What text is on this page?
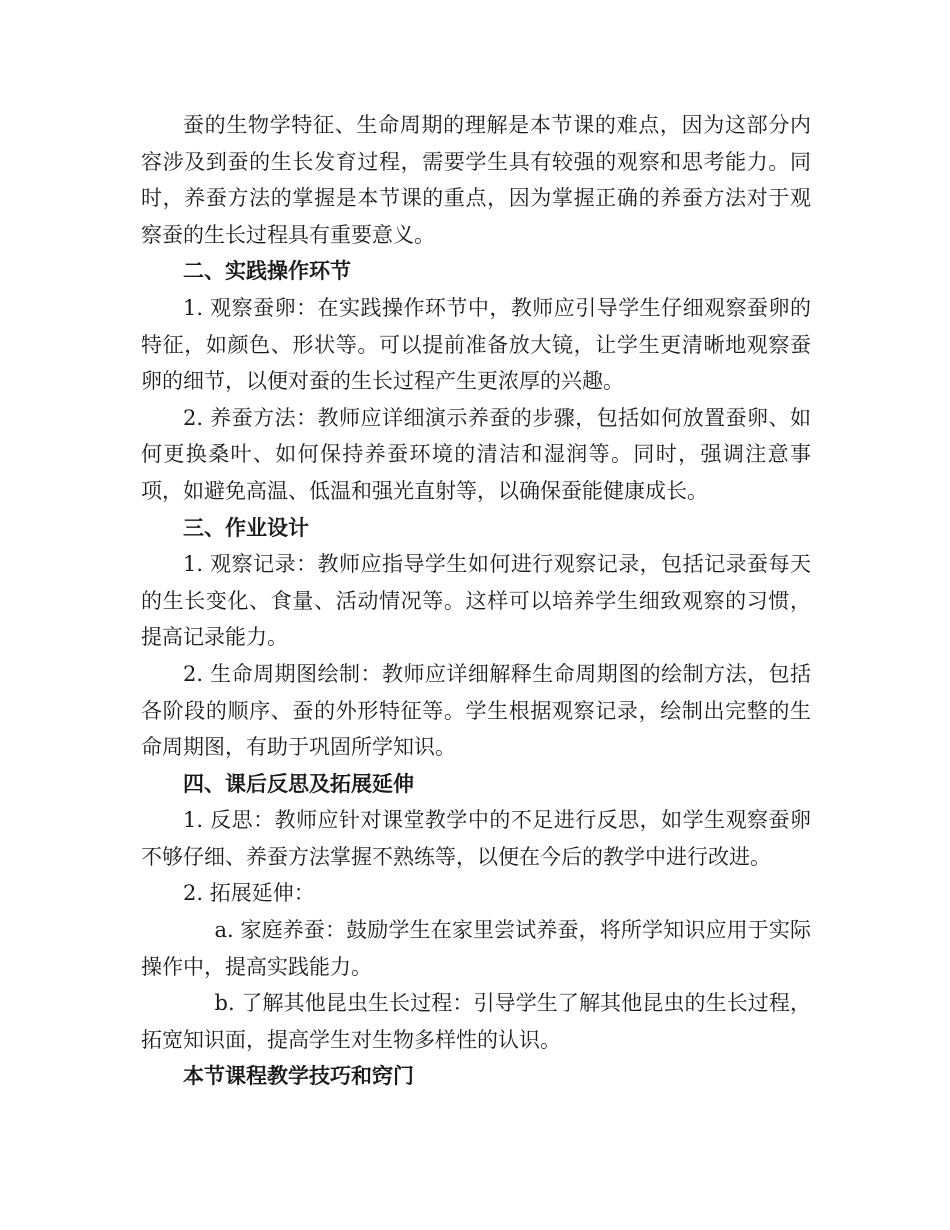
蚕的生物学特征、生命周期的理解是本节课的难点，因为这部分内容涉及到蚕的生长发育过程，需要学生具有较强的观察和思考能力。同时，养蚕方法的掌握是本节课的重点，因为掌握正确的养蚕方法对于观察蚕的生长过程具有重要意义。

二、实践操作环节

1. 观察蚕卵：在实践操作环节中，教师应引导学生仔细观察蚕卵的特征，如颜色、形状等。可以提前准备放大镜，让学生更清晰地观察蚕卵的细节，以便对蚕的生长过程产生更浓厚的兴趣。

2. 养蚕方法：教师应详细演示养蚕的步骤，包括如何放置蚕卵、如何更换桑叶、如何保持养蚕环境的清洁和湿润等。同时，强调注意事项，如避免高温、低温和强光直射等，以确保蚕能健康成长。

三、作业设计

1. 观察记录：教师应指导学生如何进行观察记录，包括记录蚕每天的生长变化、食量、活动情况等。这样可以培养学生细致观察的习惯，提高记录能力。

2. 生命周期图绘制：教师应详细解释生命周期图的绘制方法，包括各阶段的顺序、蚕的外形特征等。学生根据观察记录，绘制出完整的生命周期图，有助于巩固所学知识。

四、课后反思及拓展延伸

1. 反思：教师应针对课堂教学中的不足进行反思，如学生观察蚕卵不够仔细、养蚕方法掌握不熟练等，以便在今后的教学中进行改进。

2. 拓展延伸：

a. 家庭养蚕：鼓励学生在家里尝试养蚕，将所学知识应用于实际操作中，提高实践能力。

b. 了解其他昆虫生长过程：引导学生了解其他昆虫的生长过程，拓宽知识面，提高学生对生物多样性的认识。

本节课程教学技巧和窍门
